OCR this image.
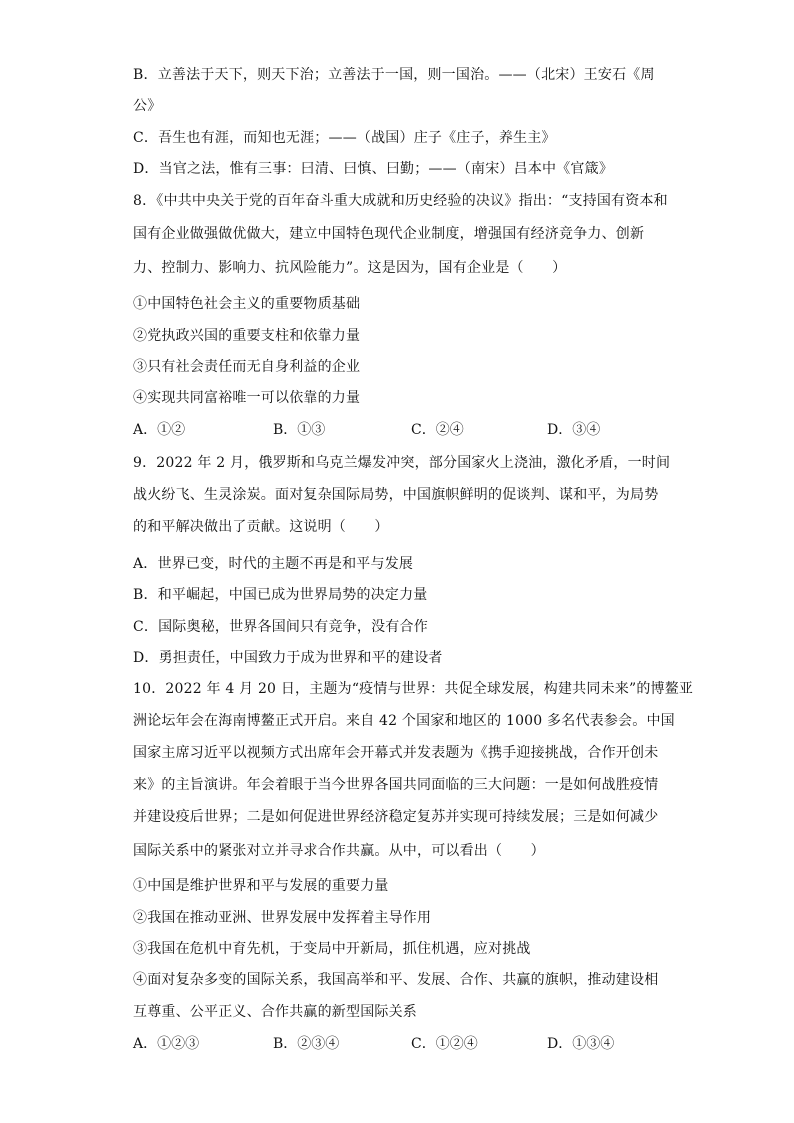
B．立善法于天下，则天下治；立善法于一国，则一国治。——（北宋）王安石《周

公》

C．吾生也有涯，而知也无涯；——（战国）庄子《庄子，养生主》

D．当官之法，惟有三事：曰清、曰慎、曰勤；——（南宋）吕本中《官箴》

8．《中共中央关于党的百年奋斗重大成就和历史经验的决议》指出：“支持国有资本和

国有企业做强做优做大，建立中国特色现代企业制度，增强国有经济竞争力、创新

力、控制力、影响力、抗风险能力”。这是因为，国有企业是（　　）

①中国特色社会主义的重要物质基础

②党执政兴国的重要支柱和依靠力量

③只有社会责任而无自身利益的企业

④实现共同富裕唯一可以依靠的力量

A．①②	B．①③	C．②④	D．③④

9．2022 年 2 月，俄罗斯和乌克兰爆发冲突，部分国家火上浇油，激化矛盾，一时间

战火纷飞、生灵涂炭。面对复杂国际局势，中国旗帜鲜明的促谈判、谋和平，为局势

的和平解决做出了贡献。这说明（　　）

A．世界已变，时代的主题不再是和平与发展

B．和平崛起，中国已成为世界局势的决定力量

C．国际奥秘，世界各国间只有竞争，没有合作

D．勇担责任，中国致力于成为世界和平的建设者

10．2022 年 4 月 20 日，主题为“疫情与世界：共促全球发展，构建共同未来”的博鳌亚

洲论坛年会在海南博鳌正式开启。来自 42 个国家和地区的 1000 多名代表参会。中国

国家主席习近平以视频方式出席年会开幕式并发表题为《携手迎接挑战，合作开创未

来》的主旨演讲。年会着眼于当今世界各国共同面临的三大问题：一是如何战胜疫情

并建设疫后世界；二是如何促进世界经济稳定复苏并实现可持续发展；三是如何减少

国际关系中的紧张对立并寻求合作共赢。从中，可以看出（　　）

①中国是维护世界和平与发展的重要力量

②我国在推动亚洲、世界发展中发挥着主导作用

③我国在危机中育先机，于变局中开新局，抓住机遇，应对挑战

④面对复杂多变的国际关系，我国高举和平、发展、合作、共赢的旗帜，推动建设相

互尊重、公平正义、合作共赢的新型国际关系

A．①②③	B．②③④	C．①②④	D．①③④
